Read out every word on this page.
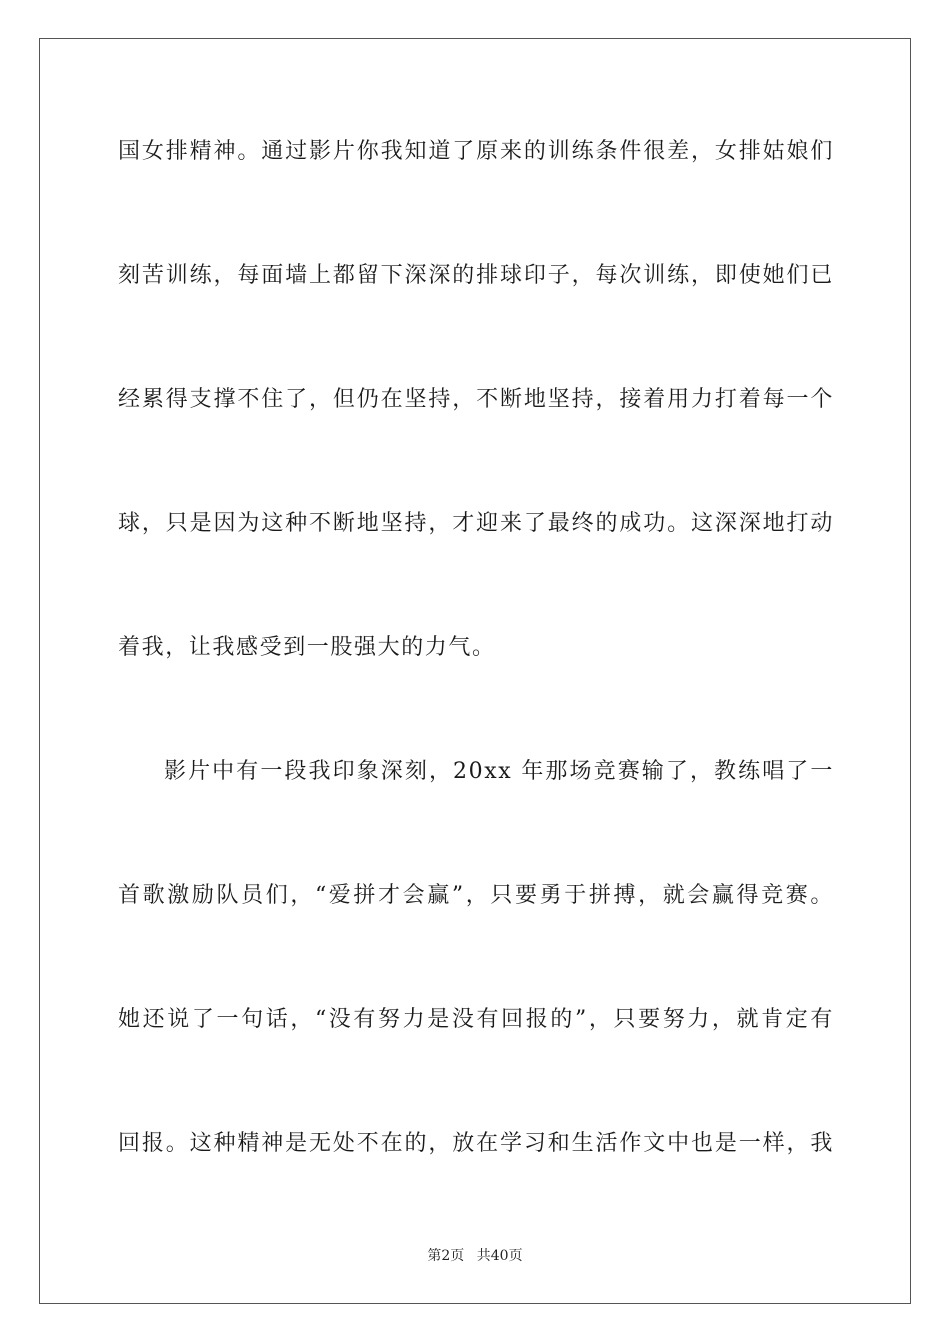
国女排精神。通过影片你我知道了原来的训练条件很差，女排姑娘们
刻苦训练，每面墙上都留下深深的排球印子，每次训练，即使她们已
经累得支撑不住了，但仍在坚持，不断地坚持，接着用力打着每一个
球，只是因为这种不断地坚持，才迎来了最终的成功。这深深地打动
着我，让我感受到一股强大的力气。
影片中有一段我印象深刻，20xx 年那场竞赛输了，教练唱了一
首歌激励队员们，“爱拼才会赢”，只要勇于拼搏，就会赢得竞赛。
她还说了一句话，“没有努力是没有回报的”，只要努力，就肯定有
回报。这种精神是无处不在的，放在学习和生活作文中也是一样，我
第2页 共40页
